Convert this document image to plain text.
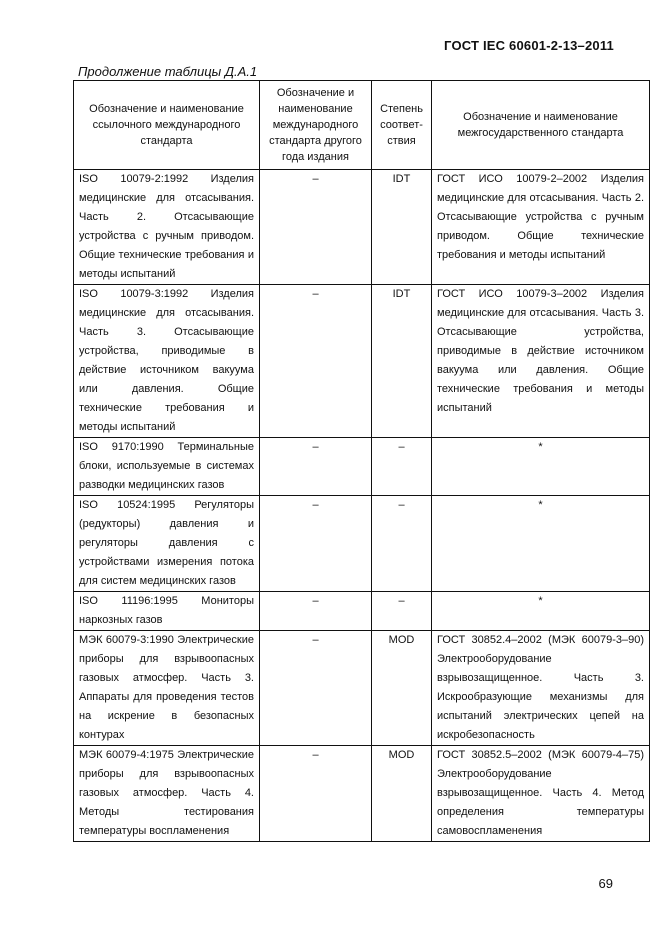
ГОСТ IEC 60601-2-13–2011
Продолжение таблицы Д.А.1
Обозначение и наименование ссылочного международного стандарта	Обозначение и наименование международного стандарта другого года издания	Степень соответ-ствия	Обозначение и наименование межгосударственного стандарта
ISO 10079-2:1992 Изделия медицинские для отсасывания. Часть 2. Отсасывающие устройства с ручным приводом. Общие технические требования и методы испытаний	–	IDT	ГОСТ ИСО 10079-2–2002 Изделия медицинские для отсасывания. Часть 2. Отсасывающие устройства с ручным приводом. Общие технические требования и методы испытаний
ISO 10079-3:1992 Изделия медицинские для отсасывания. Часть 3. Отсасывающие устройства, приводимые в действие источником вакуума или давления. Общие технические требования и методы испытаний	–	IDT	ГОСТ ИСО 10079-3–2002 Изделия медицинские для отсасывания. Часть 3. Отсасывающие устройства, приводимые в действие источником вакуума или давления. Общие технические требования и методы испытаний
ISO 9170:1990 Терминальные блоки, используемые в системах разводки медицинских газов	–	–	*
ISO 10524:1995 Регуляторы (редукторы) давления и регуляторы давления с устройствами измерения потока для систем медицинских газов	–	–	*
ISO 11196:1995 Мониторы наркозных газов	–	–	*
МЭК 60079-3:1990 Электрические приборы для взрывоопасных газовых атмосфер. Часть 3. Аппараты для проведения тестов на искрение в безопасных контурах	–	MOD	ГОСТ 30852.4–2002 (МЭК 60079-3–90) Электрооборудование взрывозащищенное. Часть 3. Искрообразующие механизмы для испытаний электрических цепей на искробезопасность
МЭК 60079-4:1975 Электрические приборы для взрывоопасных газовых атмосфер. Часть 4. Методы тестирования температуры воспламенения	–	MOD	ГОСТ 30852.5–2002 (МЭК 60079-4–75) Электрооборудование взрывозащищенное. Часть 4. Метод определения температуры самовоспламенения
69
